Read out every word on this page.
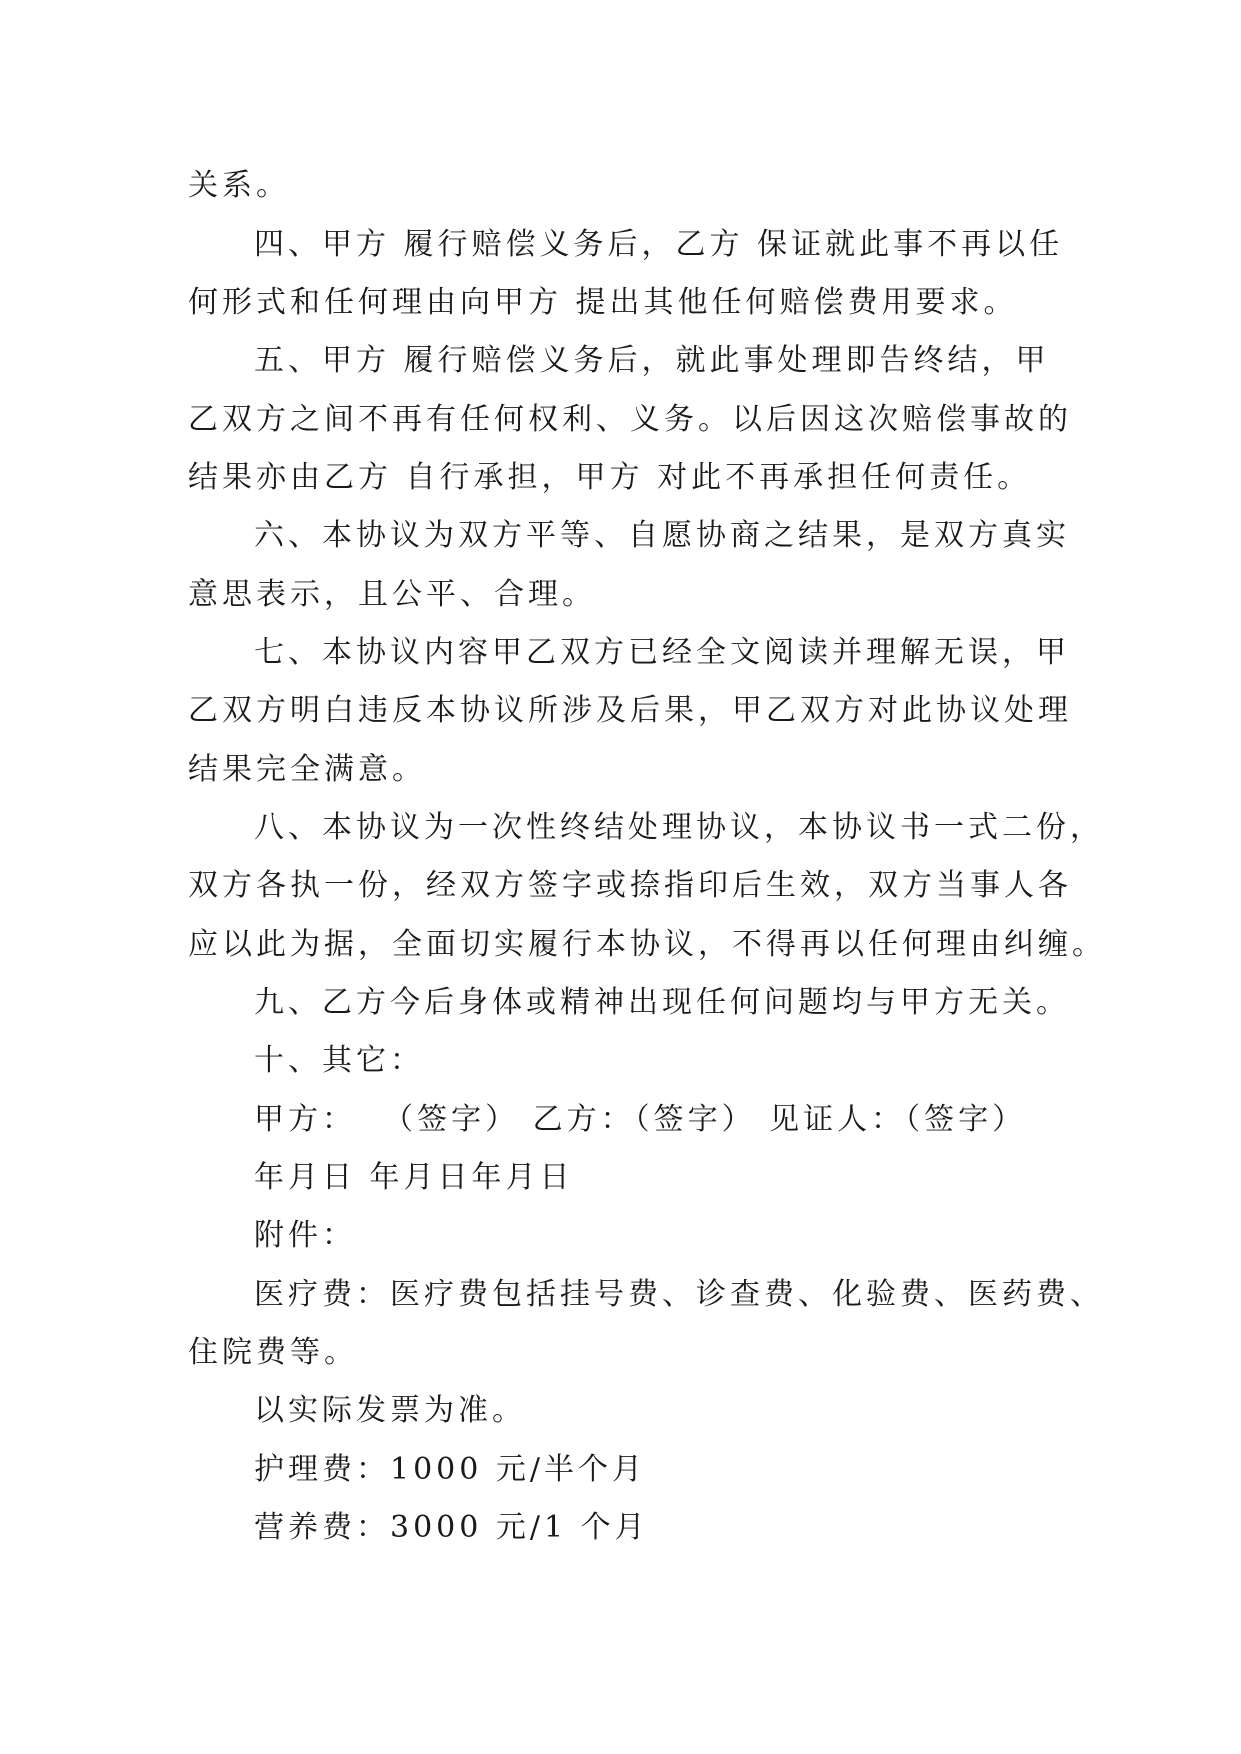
关系。
四、甲方 履行赔偿义务后，乙方 保证就此事不再以任
何形式和任何理由向甲方 提出其他任何赔偿费用要求。
五、甲方 履行赔偿义务后，就此事处理即告终结，甲
乙双方之间不再有任何权利、义务。以后因这次赔偿事故的
结果亦由乙方 自行承担，甲方 对此不再承担任何责任。
六、本协议为双方平等、自愿协商之结果，是双方真实
意思表示，且公平、合理。
七、本协议内容甲乙双方已经全文阅读并理解无误，甲
乙双方明白违反本协议所涉及后果，甲乙双方对此协议处理
结果完全满意。
八、本协议为一次性终结处理协议，本协议书一式二份，
双方各执一份，经双方签字或捺指印后生效，双方当事人各
应以此为据，全面切实履行本协议，不得再以任何理由纠缠。
九、乙方今后身体或精神出现任何问题均与甲方无关。
十、其它：
甲方：  （签字） 乙方：（签字） 见证人：（签字）
年月日 年月日年月日
附件：
医疗费：医疗费包括挂号费、诊查费、化验费、医药费、
住院费等。
以实际发票为准。
护理费：1000 元/半个月
营养费：3000 元/1 个月
